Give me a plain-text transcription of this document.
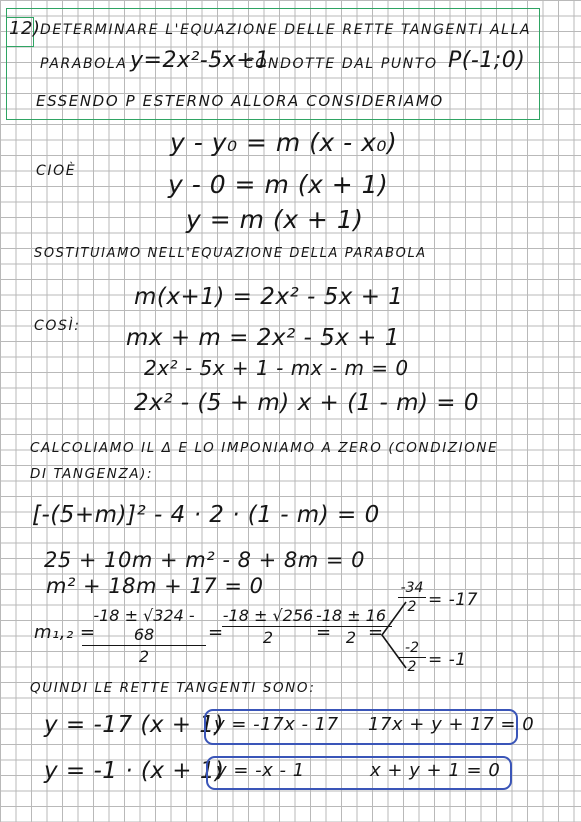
12) DETERMINARE L'EQUAZIONE DELLE RETTE TANGENTI ALLA
PARABOLA y=2x²-5x+1
CONDOTTE DAL PUNTO P(-1;0)
ESSENDO P ESTERNO ALLORA CONSIDERIAMO
y - y₀ = m (x - x₀)
CIOÈ	y - 0 = m (x + 1)
y = m (x + 1)
SOSTITUIAMO NELL'EQUAZIONE DELLA PARABOLA
m(x+1) = 2x² - 5x + 1
COSÌ: mx + m = 2x² - 5x + 1
2x² - 5x + 1 - mx - m = 0
2x² - (5 + m) x + (1 - m) = 0
CALCOLIAMO IL Δ E LO IMPONIAMO A ZERO (CONDIZIONE
DI TANGENZA):
[-(5+m)]² - 4 · 2 · (1 - m) = 0
25 + 10m + m² - 8 + 8m = 0
m² + 18m + 17 = 0
m₁,₂ =
-18 ± √324 - 68
2
=
-18 ± √256
2	=
-18 ± 16
2 =
-34
2 = -17
-2
2 = -1
QUINDI LE RETTE TANGENTI SONO:
y = -17 (x + 1)
y = -17x - 17 17x + y + 17 = 0
y = -1 · (x + 1)
y = -x - 1	x + y + 1 = 0
